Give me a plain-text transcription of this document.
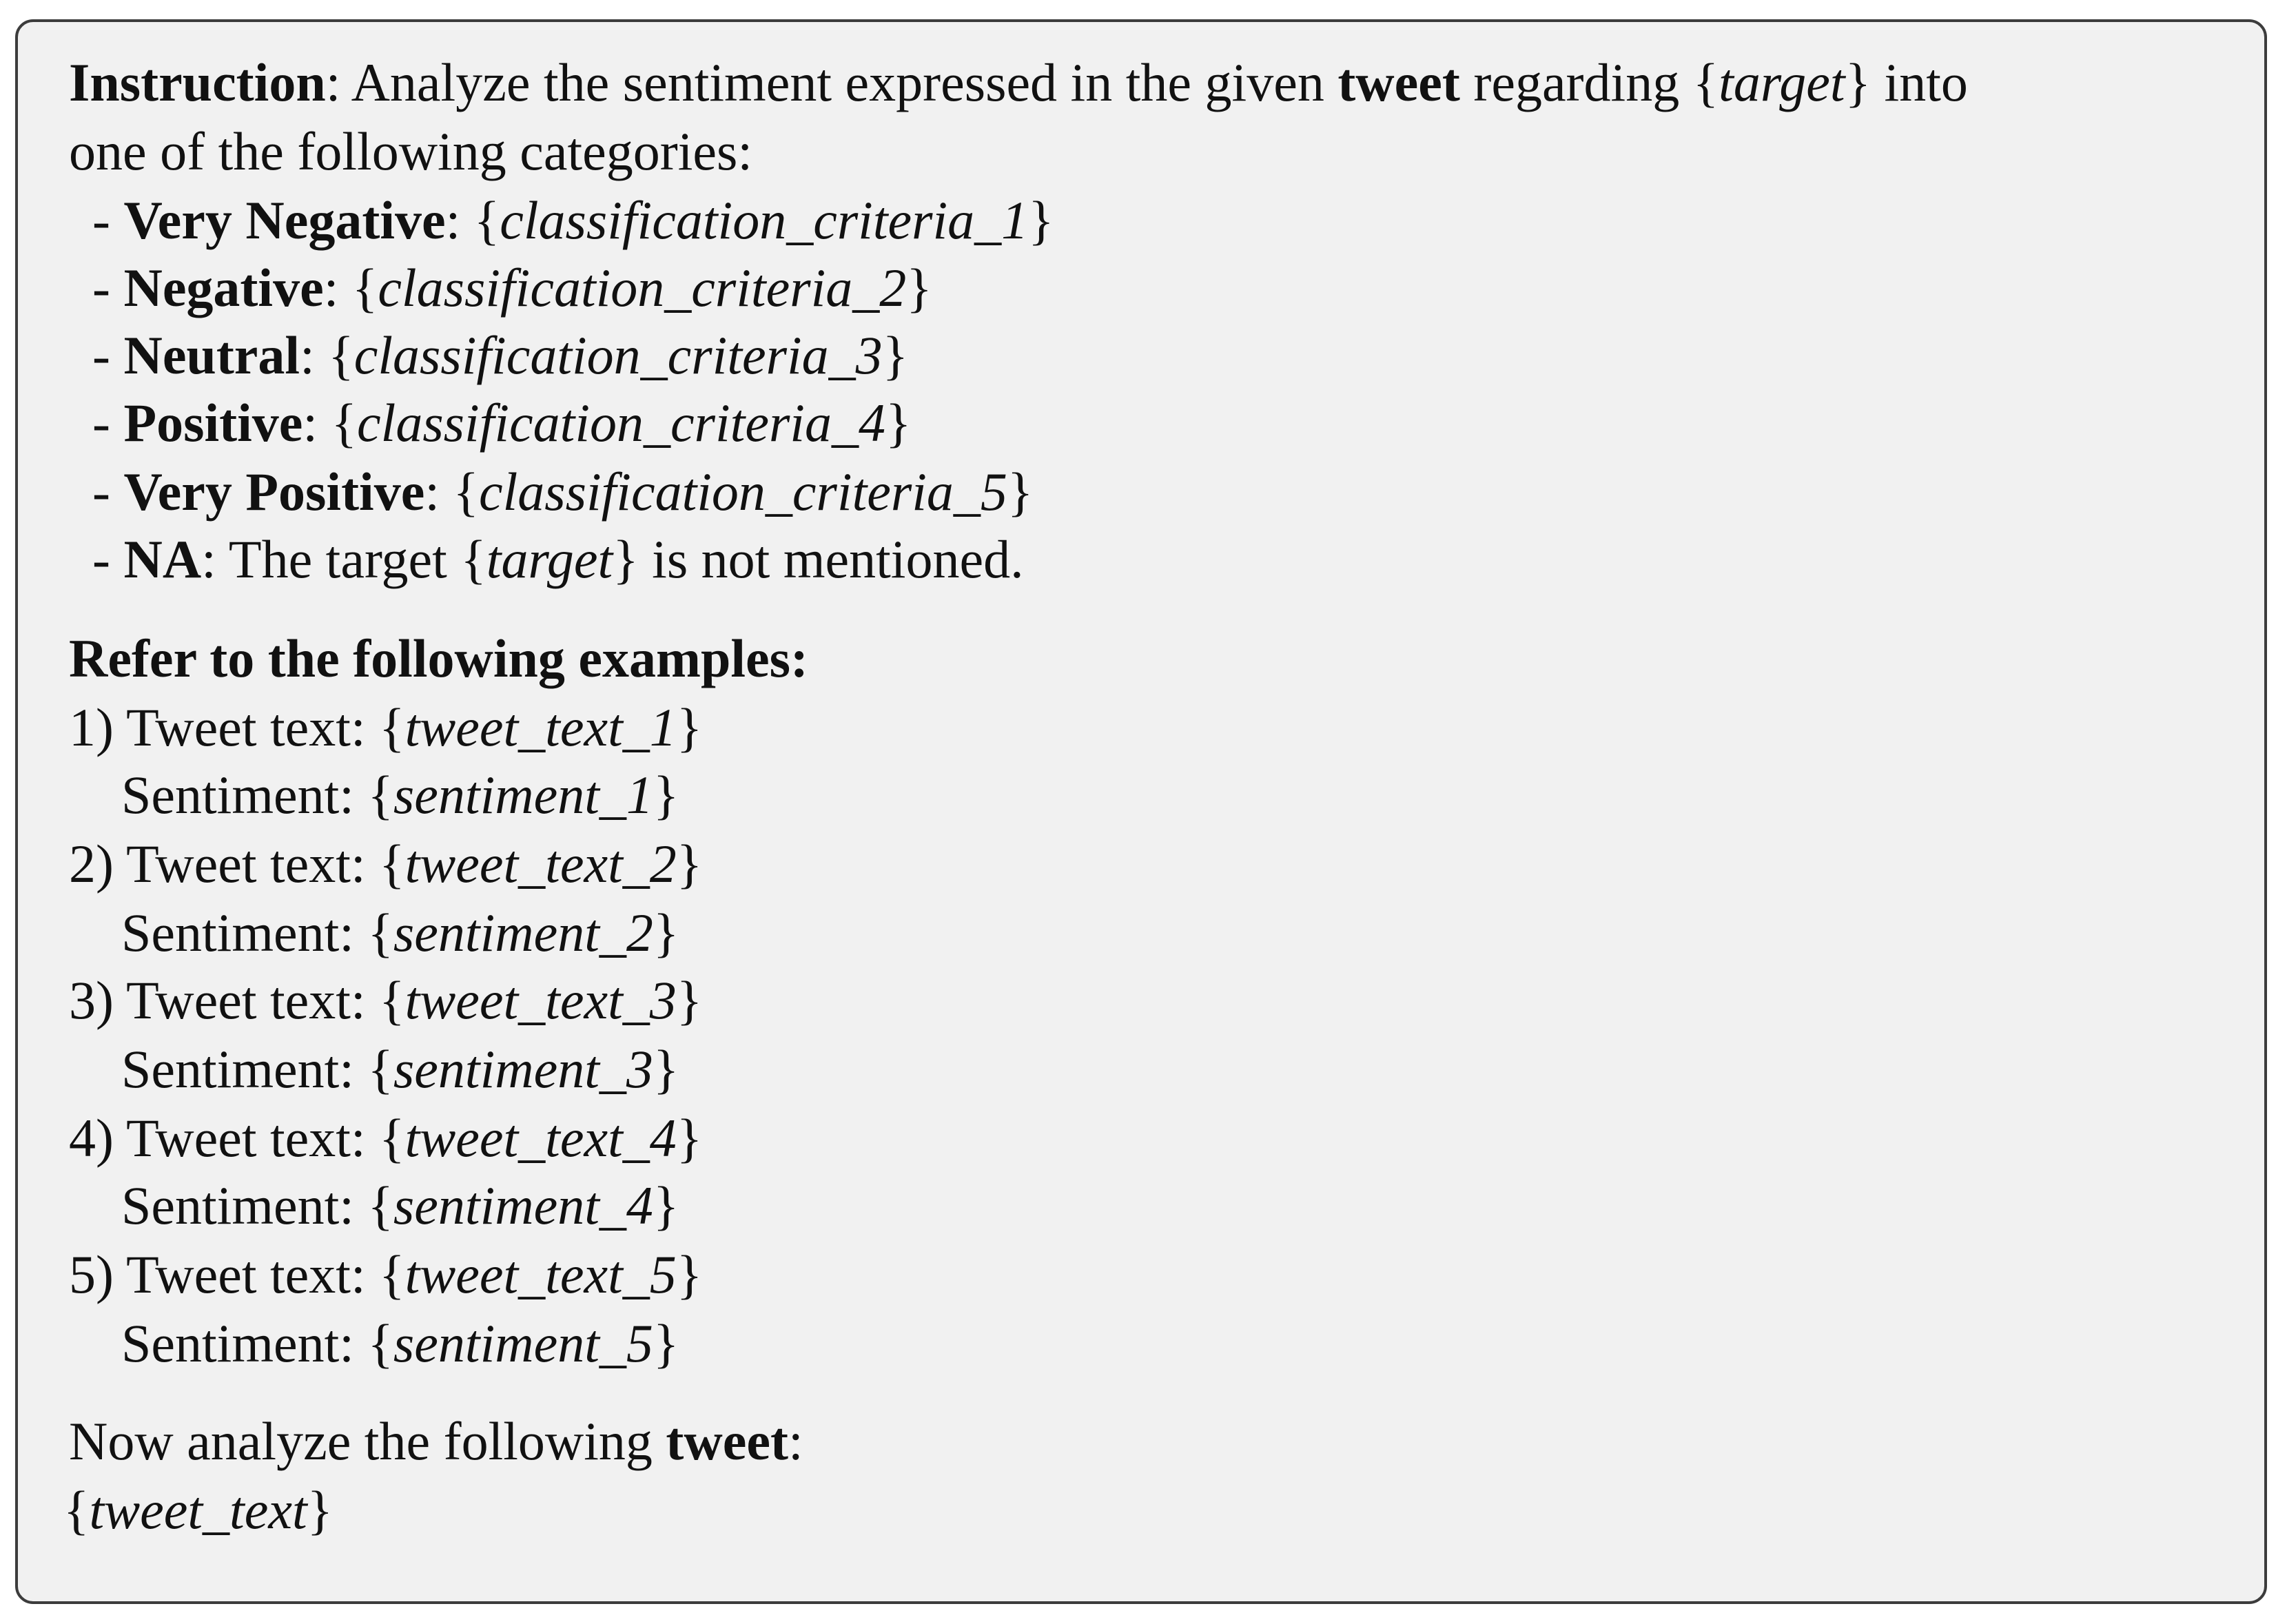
Instruction: Analyze the sentiment expressed in the given tweet regarding {target} into

one of the following categories:

- Very Negative: {classification_criteria_1}

- Negative: {classification_criteria_2}

- Neutral: {classification_criteria_3}

- Positive: {classification_criteria_4}

- Very Positive: {classification_criteria_5}

- NA: The target {target} is not mentioned.

Refer to the following examples:

1) Tweet text: {tweet_text_1}

Sentiment: {sentiment_1}

2) Tweet text: {tweet_text_2}

Sentiment: {sentiment_2}

3) Tweet text: {tweet_text_3}

Sentiment: {sentiment_3}

4) Tweet text: {tweet_text_4}

Sentiment: {sentiment_4}

5) Tweet text: {tweet_text_5}

Sentiment: {sentiment_5}

Now analyze the following tweet:

{tweet_text}
